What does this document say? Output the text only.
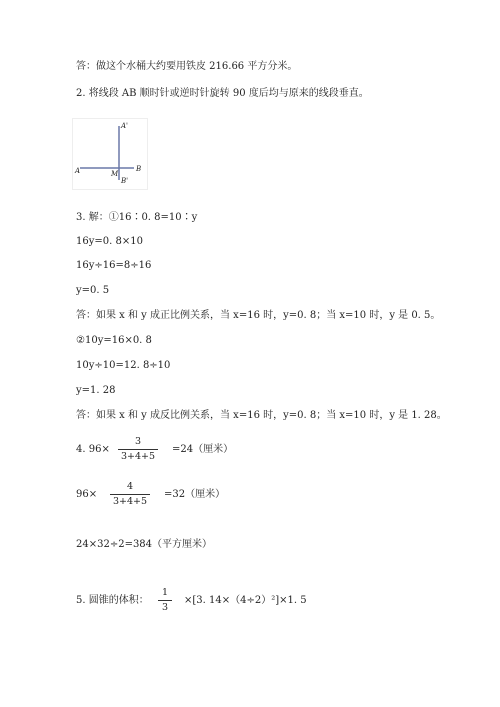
答：做这个水桶大约要用铁皮 216.66 平方分米。
2. 将线段 AB 顺时针或逆时针旋转 90 度后均与原来的线段垂直。
A	B
A'
B'
M
3. 解：①16∶0. 8=10∶y
16y=0. 8×10
16y÷16=8÷16
y=0. 5
答：如果 x 和 y 成正比例关系，当 x=16 时，y=0. 8；当 x=10 时，y 是 0. 5。
②10y=16×0. 8
10y÷10=12. 8÷10
y=1. 28
答：如果 x 和 y 成反比例关系，当 x=16 时，y=0. 8；当 x=10 时，y 是 1. 28。
4. 96×
3
3+4+5
=24（厘米）
96×
4
3+4+5
=32（厘米）
24×32÷2=384（平方厘米）
5. 圆锥的体积：
1
3
×[3. 14×（4÷2）²]×1. 5
